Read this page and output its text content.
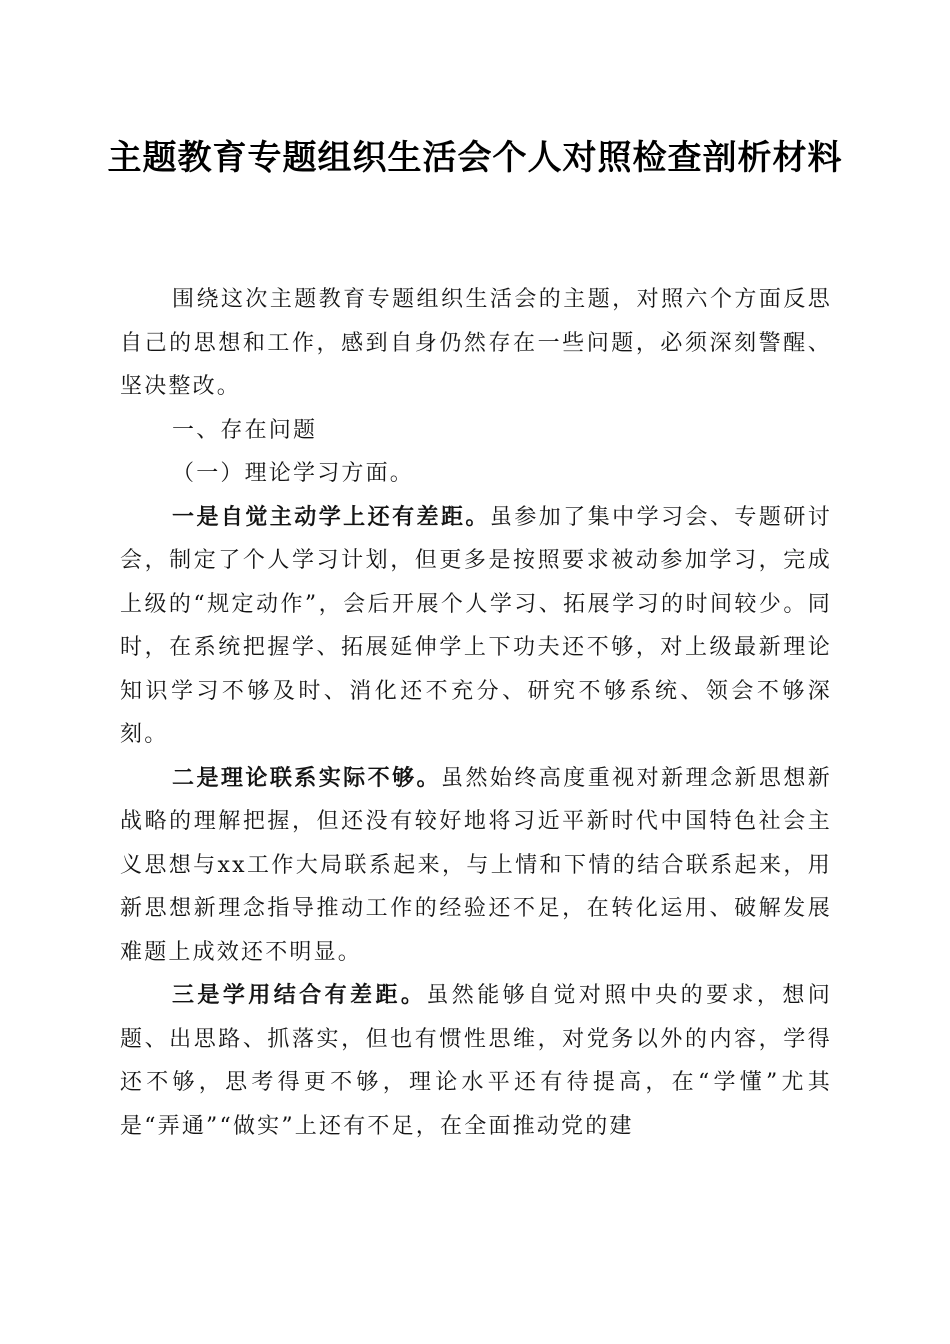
主题教育专题组织生活会个人对照检查剖析材料

围绕这次主题教育专题组织生活会的主题，对照六个方面反思自己的思想和工作，感到自身仍然存在一些问题，必须深刻警醒、坚决整改。

一、存在问题

（一）理论学习方面。

一是自觉主动学上还有差距。虽参加了集中学习会、专题研讨会，制定了个人学习计划，但更多是按照要求被动参加学习，完成上级的“规定动作”，会后开展个人学习、拓展学习的时间较少。同时，在系统把握学、拓展延伸学上下功夫还不够，对上级最新理论知识学习不够及时、消化还不充分、研究不够系统、领会不够深刻。

二是理论联系实际不够。虽然始终高度重视对新理念新思想新战略的理解把握，但还没有较好地将习近平新时代中国特色社会主义思想与xx工作大局联系起来，与上情和下情的结合联系起来，用新思想新理念指导推动工作的经验还不足，在转化运用、破解发展难题上成效还不明显。

三是学用结合有差距。虽然能够自觉对照中央的要求，想问题、出思路、抓落实，但也有惯性思维，对党务以外的内容，学得还不够，思考得更不够，理论水平还有待提高，在“学懂”尤其是“弄通”“做实”上还有不足，在全面推动党的建
